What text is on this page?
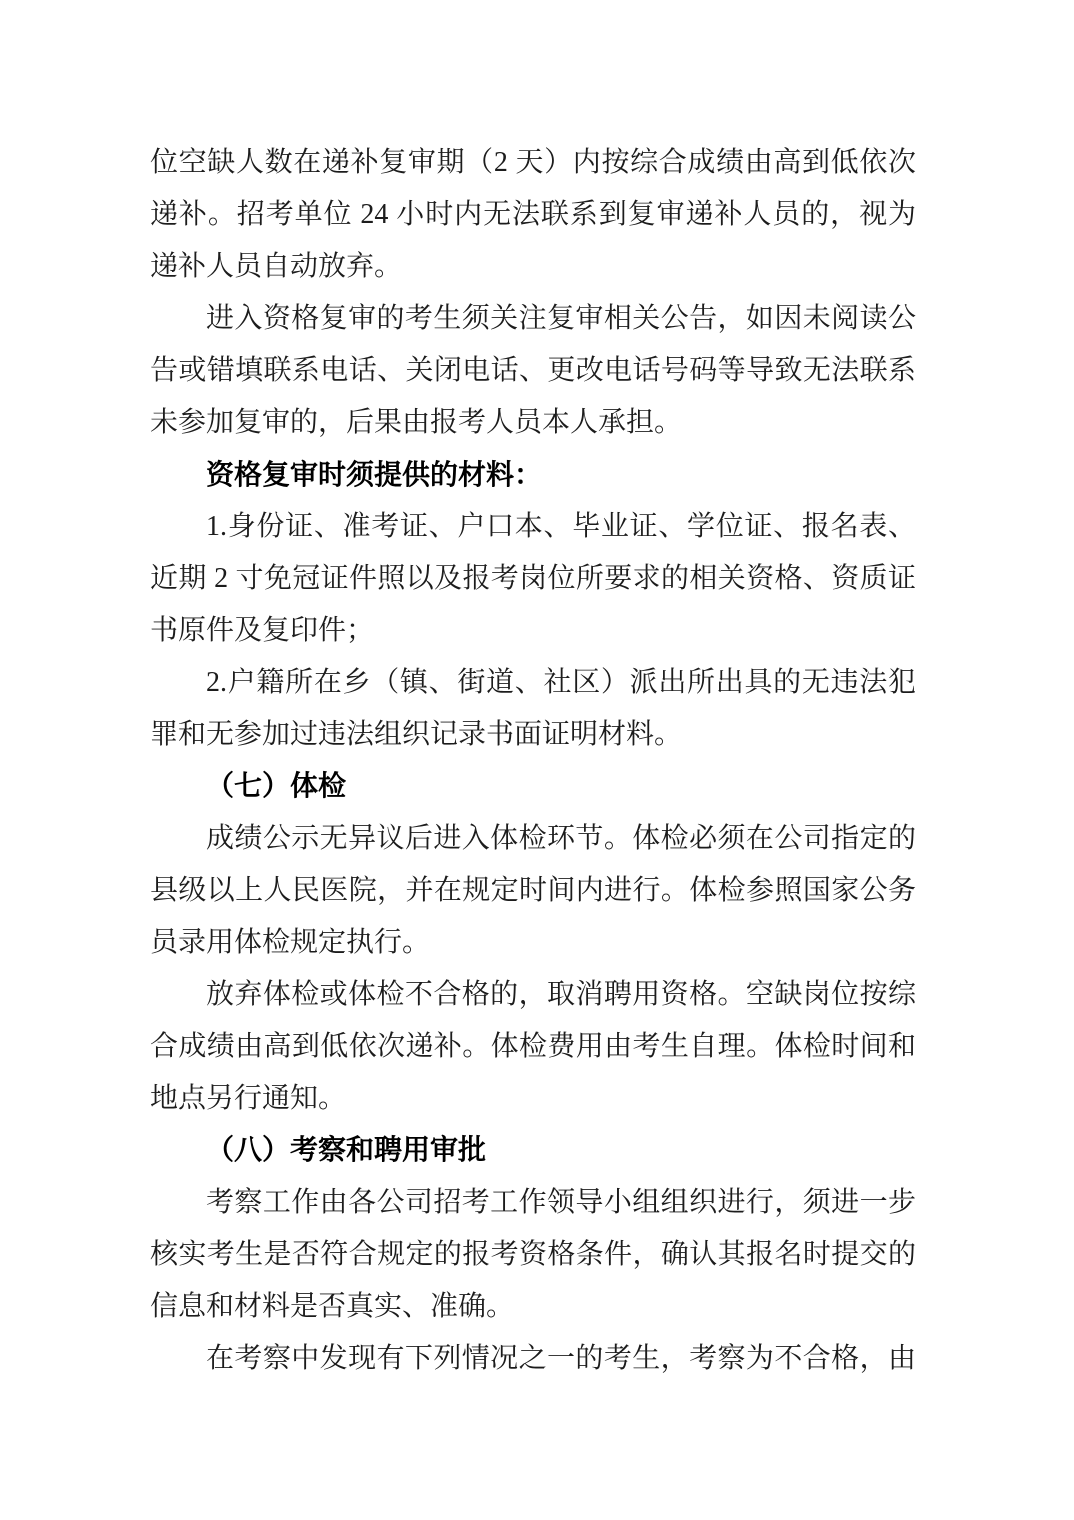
位空缺人数在递补复审期（2 天）内按综合成绩由高到低依次
递补。招考单位 24 小时内无法联系到复审递补人员的，视为
递补人员自动放弃。
进入资格复审的考生须关注复审相关公告，如因未阅读公
告或错填联系电话、关闭电话、更改电话号码等导致无法联系
未参加复审的，后果由报考人员本人承担。
资格复审时须提供的材料：
1.身份证、准考证、户口本、毕业证、学位证、报名表、
近期 2 寸免冠证件照以及报考岗位所要求的相关资格、资质证
书原件及复印件；
2.户籍所在乡（镇、街道、社区）派出所出具的无违法犯
罪和无参加过违法组织记录书面证明材料。
（七）体检
成绩公示无异议后进入体检环节。体检必须在公司指定的
县级以上人民医院，并在规定时间内进行。体检参照国家公务
员录用体检规定执行。
放弃体检或体检不合格的，取消聘用资格。空缺岗位按综
合成绩由高到低依次递补。体检费用由考生自理。体检时间和
地点另行通知。
（八）考察和聘用审批
考察工作由各公司招考工作领导小组组织进行，须进一步
核实考生是否符合规定的报考资格条件，确认其报名时提交的
信息和材料是否真实、准确。
在考察中发现有下列情况之一的考生，考察为不合格，由
